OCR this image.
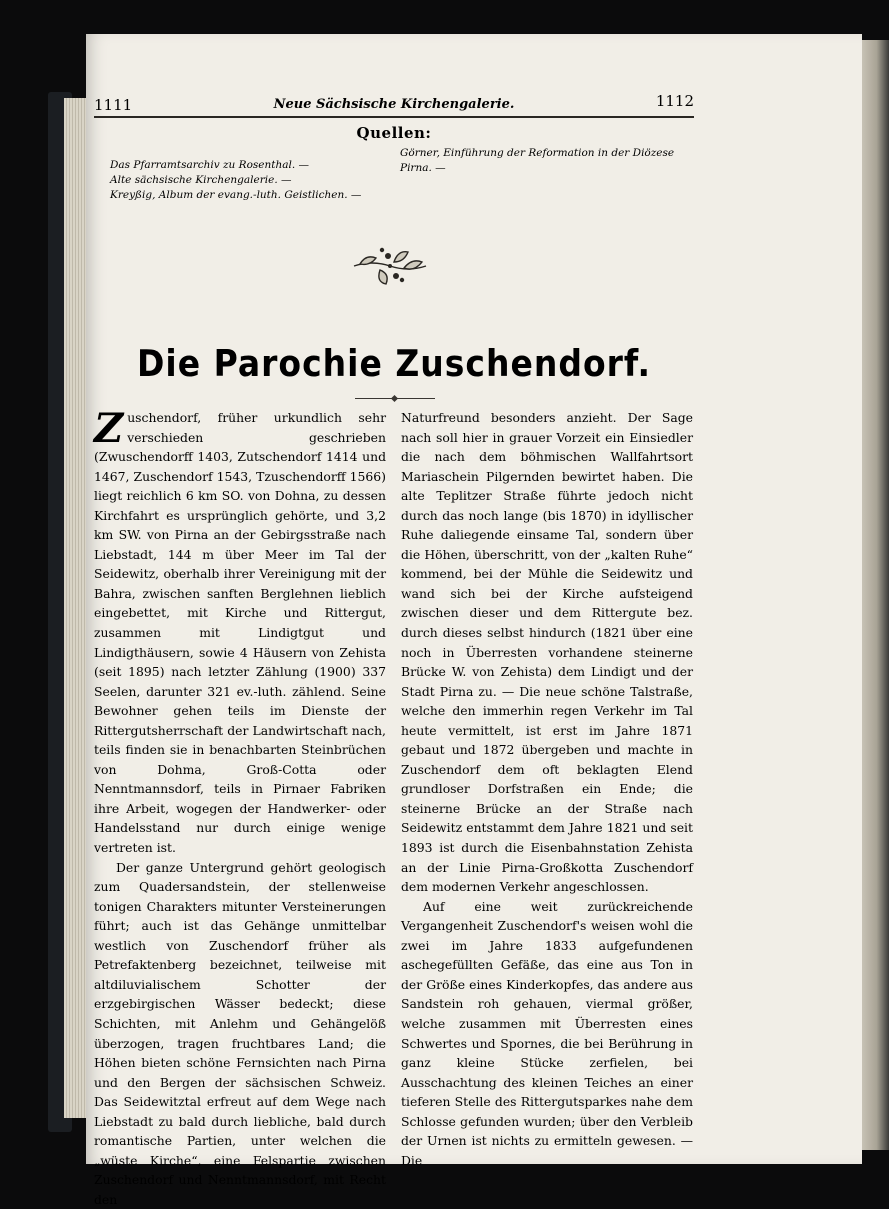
1111	Neue Sächsische Kirchengalerie.	1112
Quellen:
Das Pfarramtsarchiv zu Rosenthal. —
Alte sächsische Kirchengalerie. —
Kreyßig, Album der evang.-luth. Geistlichen. —
Görner, Einführung der Reformation in der Diözese
Pirna. —
Die Parochie Zuschendorf.

Zuschendorf, früher urkundlich sehr verschieden geschrieben (Zwuschendorff 1403, Zutschendorf 1414 und 1467, Zuschendorf 1543, Tzuschendorff 1566) liegt reichlich 6 km SO. von Dohna, zu dessen Kirchfahrt es ursprünglich gehörte, und 3,2 km SW. von Pirna an der Gebirgsstraße nach Liebstadt, 144 m über Meer im Tal der Seidewitz, oberhalb ihrer Vereinigung mit der Bahra, zwischen sanften Berglehnen lieblich eingebettet, mit Kirche und Rittergut, zusammen mit Lindigtgut und Lindigthäusern, sowie 4 Häusern von Zehista (seit 1895) nach letzter Zählung (1900) 337 Seelen, darunter 321 ev.-luth. zählend. Seine Bewohner gehen teils im Dienste der Rittergutsherrschaft der Landwirtschaft nach, teils finden sie in benachbarten Steinbrüchen von Dohma, Groß-Cotta oder Nenntmannsdorf, teils in Pirnaer Fabriken ihre Arbeit, wogegen der Handwerker- oder Handelsstand nur durch einige wenige vertreten ist.

Der ganze Untergrund gehört geologisch zum Quadersandstein, der stellenweise tonigen Charakters mitunter Versteinerungen führt; auch ist das Gehänge unmittelbar westlich von Zuschendorf früher als Petrefaktenberg bezeichnet, teilweise mit altdiluvialischem Schotter der erzgebirgischen Wässer bedeckt; diese Schichten, mit Anlehm und Gehängelöß überzogen, tragen fruchtbares Land; die Höhen bieten schöne Fernsichten nach Pirna und den Bergen der sächsischen Schweiz. Das Seidewitztal erfreut auf dem Wege nach Liebstadt zu bald durch liebliche, bald durch romantische Partien, unter welchen die „wüste Kirche“, eine Felspartie zwischen Zuschendorf und Nenntmannsdorf, mit Recht den

Naturfreund besonders anzieht. Der Sage nach soll hier in grauer Vorzeit ein Einsiedler die nach dem böhmischen Wallfahrtsort Mariaschein Pilgernden bewirtet haben. Die alte Teplitzer Straße führte jedoch nicht durch das noch lange (bis 1870) in idyllischer Ruhe daliegende einsame Tal, sondern über die Höhen, überschritt, von der „kalten Ruhe“ kommend, bei der Mühle die Seidewitz und wand sich bei der Kirche aufsteigend zwischen dieser und dem Rittergute bez. durch dieses selbst hindurch (1821 über eine noch in Überresten vorhandene steinerne Brücke W. von Zehista) dem Lindigt und der Stadt Pirna zu. — Die neue schöne Talstraße, welche den immerhin regen Verkehr im Tal heute vermittelt, ist erst im Jahre 1871 gebaut und 1872 übergeben und machte in Zuschendorf dem oft beklagten Elend grundloser Dorfstraßen ein Ende; die steinerne Brücke an der Straße nach Seidewitz entstammt dem Jahre 1821 und seit 1893 ist durch die Eisenbahnstation Zehista an der Linie Pirna-Großkotta Zuschendorf dem modernen Verkehr angeschlossen.

Auf eine weit zurückreichende Vergangenheit Zuschendorf's weisen wohl die zwei im Jahre 1833 aufgefundenen aschegefüllten Gefäße, das eine aus Ton in der Größe eines Kinderkopfes, das andere aus Sandstein roh gehauen, viermal größer, welche zusammen mit Überresten eines Schwertes und Spornes, die bei Berührung in ganz kleine Stücke zerfielen, bei Ausschachtung des kleinen Teiches an einer tieferen Stelle des Rittergutsparkes nahe dem Schlosse gefunden wurden; über den Verbleib der Urnen ist nichts zu ermitteln gewesen. — Die
